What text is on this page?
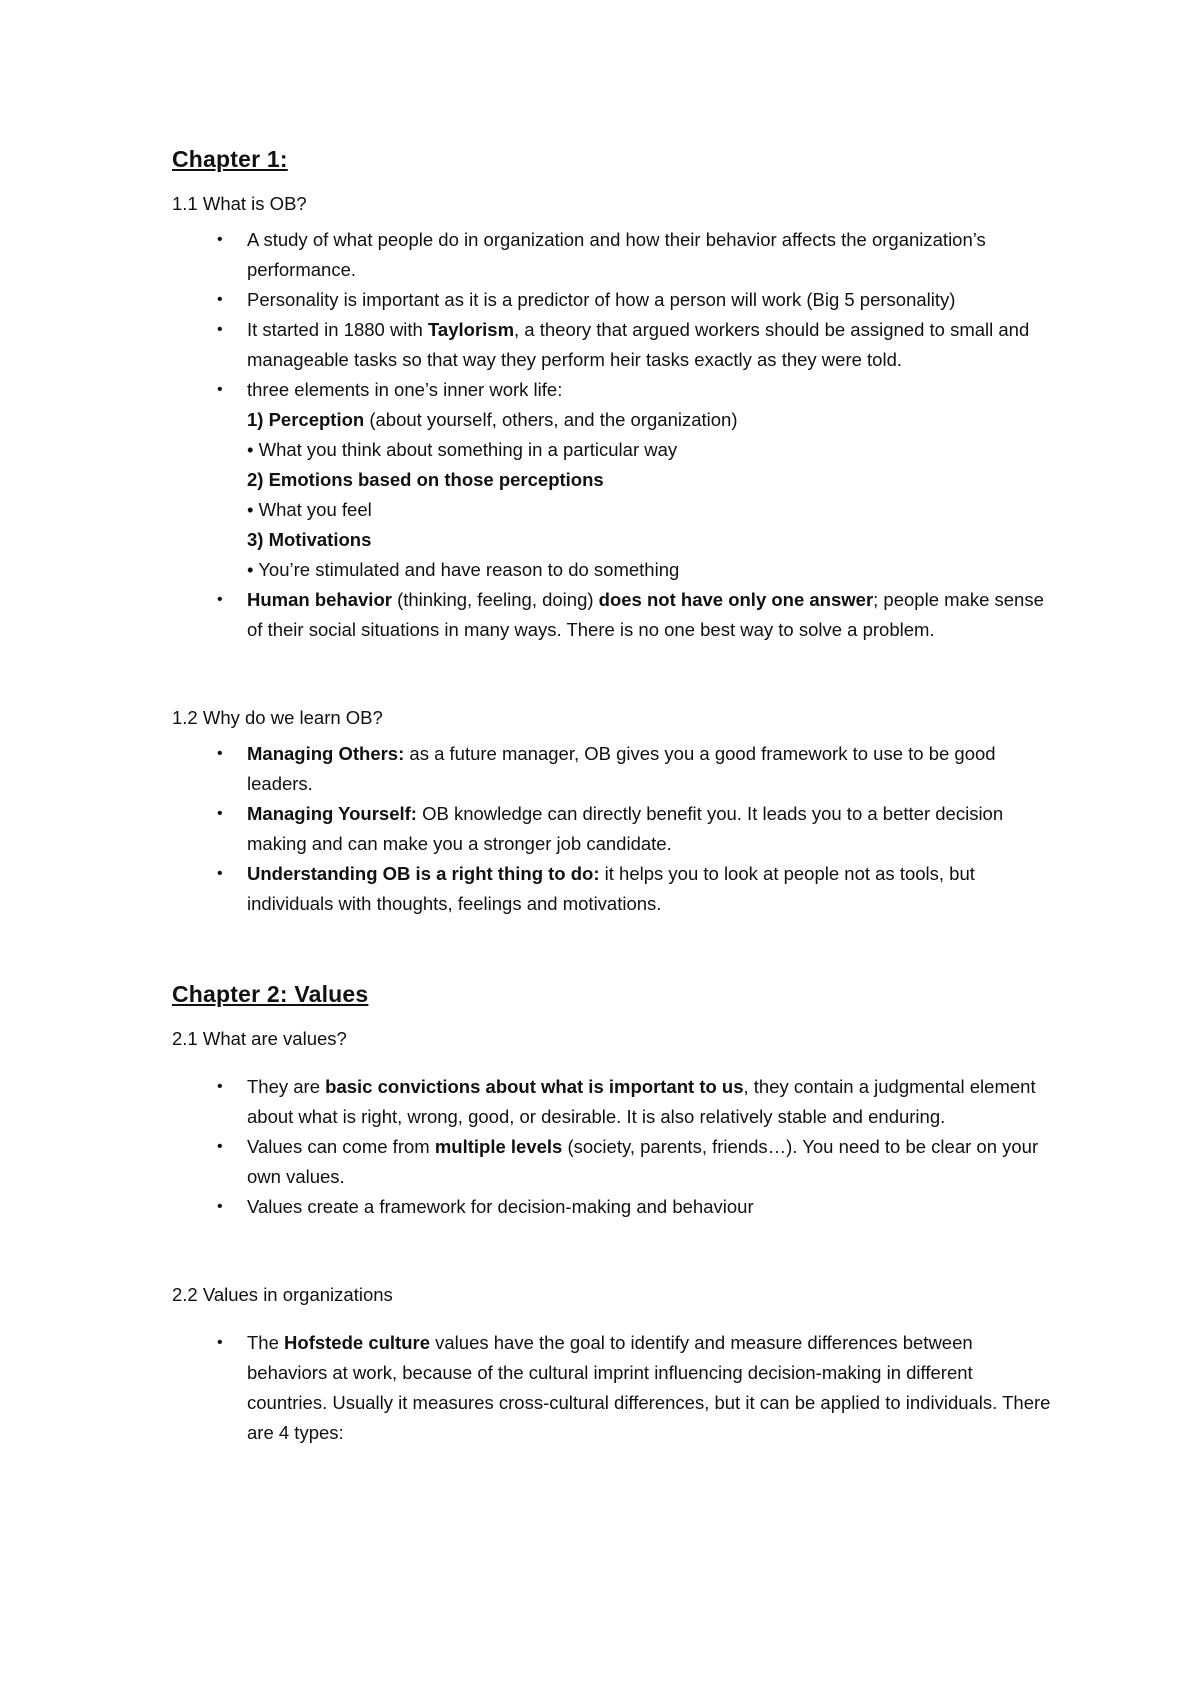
Chapter 1:
1.1 What is OB?
• A study of what people do in organization and how their behavior affects the organization’s performance.
• Personality is important as it is a predictor of how a person will work (Big 5 personality)
• It started in 1880 with Taylorism, a theory that argued workers should be assigned to small and manageable tasks so that way they perform heir tasks exactly as they were told.
• three elements in one’s inner work life:
1) Perception (about yourself, others, and the organization)
• What you think about something in a particular way
2) Emotions based on those perceptions
• What you feel
3) Motivations
• You’re stimulated and have reason to do something
• Human behavior (thinking, feeling, doing) does not have only one answer; people make sense of their social situations in many ways. There is no one best way to solve a problem.
1.2 Why do we learn OB?
• Managing Others: as a future manager, OB gives you a good framework to use to be good leaders.
• Managing Yourself: OB knowledge can directly benefit you. It leads you to a better decision making and can make you a stronger job candidate.
• Understanding OB is a right thing to do: it helps you to look at people not as tools, but individuals with thoughts, feelings and motivations.
Chapter 2: Values
2.1 What are values?
• They are basic convictions about what is important to us, they contain a judgmental element about what is right, wrong, good, or desirable. It is also relatively stable and enduring.
• Values can come from multiple levels (society, parents, friends…). You need to be clear on your own values.
• Values create a framework for decision-making and behaviour
2.2 Values in organizations
• The Hofstede culture values have the goal to identify and measure differences between behaviors at work, because of the cultural imprint influencing decision-making in different countries. Usually it measures cross-cultural differences, but it can be applied to individuals. There are 4 types:
